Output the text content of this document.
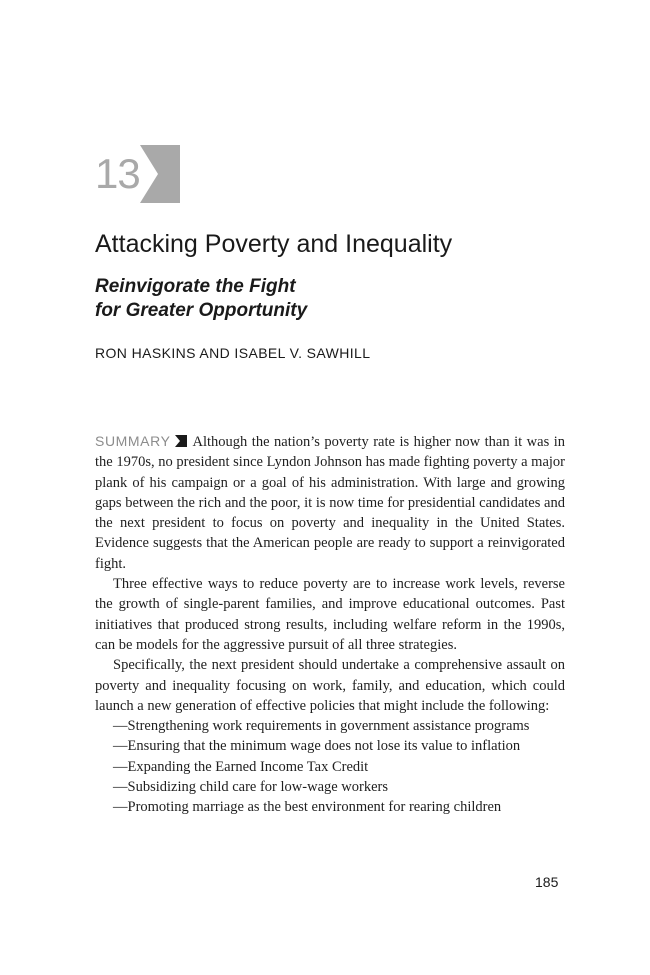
13
Attacking Poverty and Inequality
Reinvigorate the Fight
for Greater Opportunity
RON HASKINS AND ISABEL V. SAWHILL

SUMMARY Although the nation’s poverty rate is higher now than it was in the 1970s, no president since Lyndon Johnson has made fighting poverty a major plank of his campaign or a goal of his administration. With large and growing gaps between the rich and the poor, it is now time for presidential candidates and the next president to focus on poverty and inequality in the United States. Evidence suggests that the American people are ready to support a reinvigorated fight.

Three effective ways to reduce poverty are to increase work levels, reverse the growth of single-parent families, and improve educational outcomes. Past initiatives that produced strong results, including welfare reform in the 1990s, can be models for the aggressive pursuit of all three strategies.

Specifically, the next president should undertake a comprehensive assault on poverty and inequality focusing on work, family, and education, which could launch a new generation of effective policies that might include the following:

—Strengthening work requirements in government assistance programs
—Ensuring that the minimum wage does not lose its value to inflation
—Expanding the Earned Income Tax Credit
—Subsidizing child care for low-wage workers
—Promoting marriage as the best environment for rearing children
185
